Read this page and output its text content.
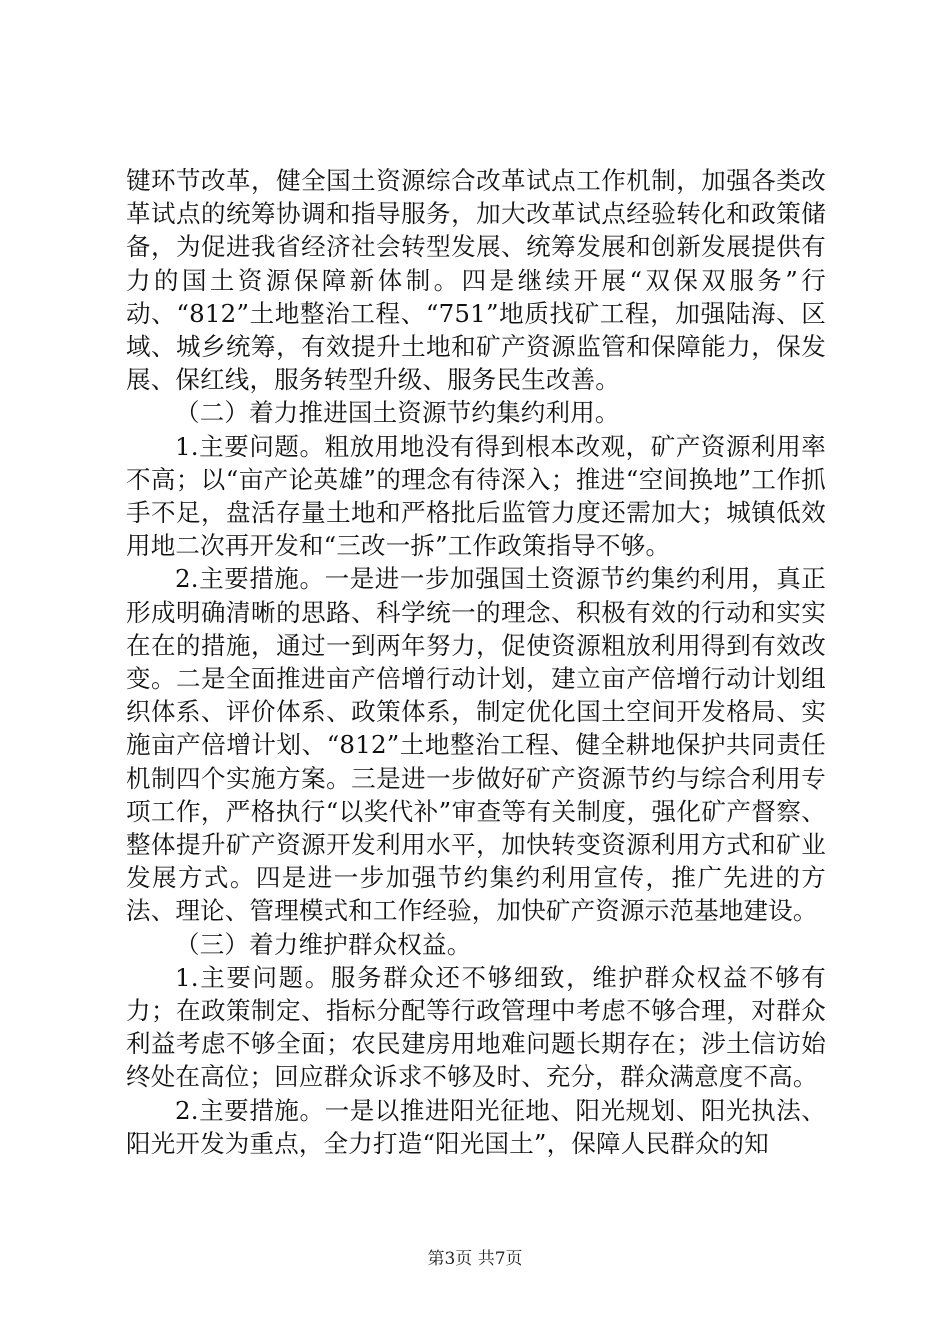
键环节改革，健全国土资源综合改革试点工作机制，加强各类改革试点的统筹协调和指导服务，加大改革试点经验转化和政策储备，为促进我省经济社会转型发展、统筹发展和创新发展提供有力的国土资源保障新体制。四是继续开展“双保双服务”行动、“812”土地整治工程、“751”地质找矿工程，加强陆海、区域、城乡统筹，有效提升土地和矿产资源监管和保障能力，保发展、保红线，服务转型升级、服务民生改善。

（二）着力推进国土资源节约集约利用。

1.主要问题。粗放用地没有得到根本改观，矿产资源利用率不高；以“亩产论英雄”的理念有待深入；推进“空间换地”工作抓手不足，盘活存量土地和严格批后监管力度还需加大；城镇低效用地二次再开发和“三改一拆”工作政策指导不够。

2.主要措施。一是进一步加强国土资源节约集约利用，真正形成明确清晰的思路、科学统一的理念、积极有效的行动和实实在在的措施，通过一到两年努力，促使资源粗放利用得到有效改变。二是全面推进亩产倍增行动计划，建立亩产倍增行动计划组织体系、评价体系、政策体系，制定优化国土空间开发格局、实施亩产倍增计划、“812”土地整治工程、健全耕地保护共同责任机制四个实施方案。三是进一步做好矿产资源节约与综合利用专项工作，严格执行“以奖代补”审查等有关制度，强化矿产督察、整体提升矿产资源开发利用水平，加快转变资源利用方式和矿业发展方式。四是进一步加强节约集约利用宣传，推广先进的方法、理论、管理模式和工作经验，加快矿产资源示范基地建设。

（三）着力维护群众权益。

1.主要问题。服务群众还不够细致，维护群众权益不够有力；在政策制定、指标分配等行政管理中考虑不够合理，对群众利益考虑不够全面；农民建房用地难问题长期存在；涉土信访始终处在高位；回应群众诉求不够及时、充分，群众满意度不高。

2.主要措施。一是以推进阳光征地、阳光规划、阳光执法、阳光开发为重点，全力打造“阳光国土”，保障人民群众的知

第3页 共7页
